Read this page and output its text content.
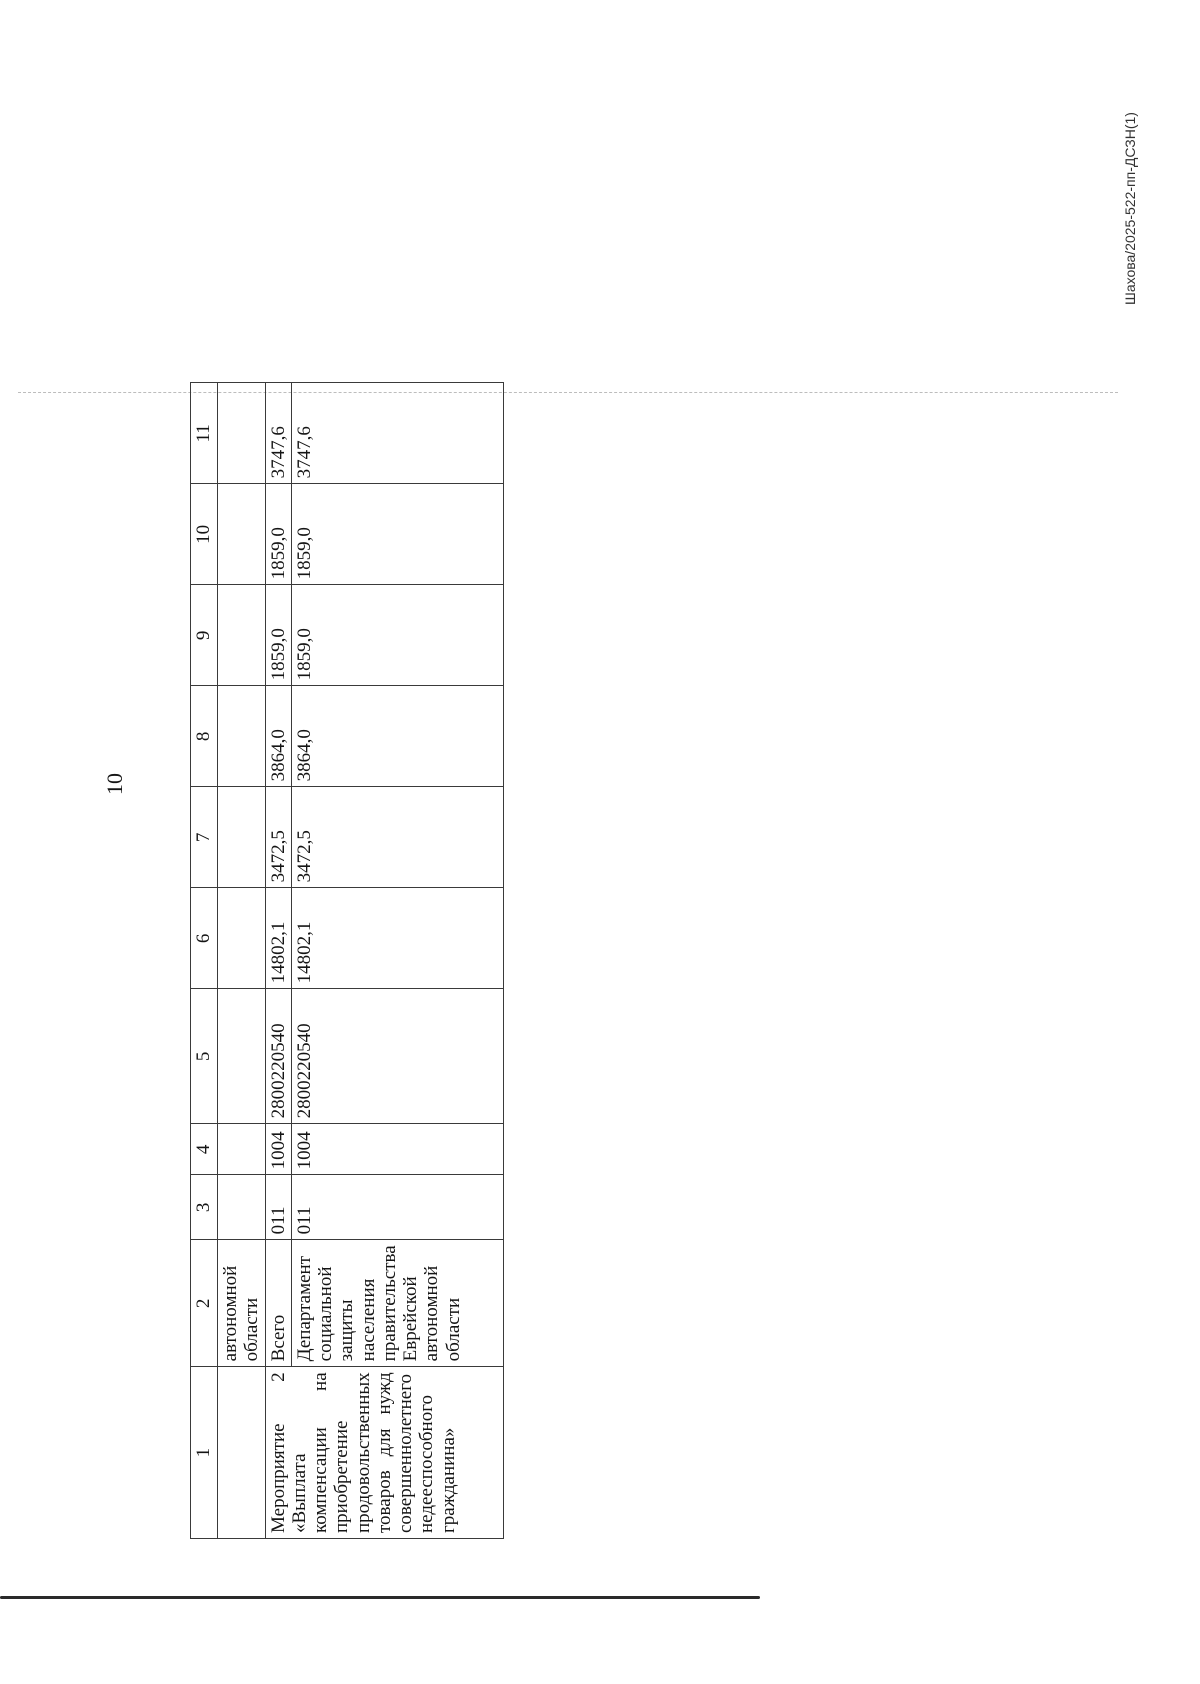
10
1	2	3	4	5	6	7	8	9	10	11
	автономной области									
Мероприятие 2 «Выплата компенсации на приобретение продовольственных товаров для нужд совершеннолетнего недееспособного гражданина»	Всего	011	1004	2800220540	14802,1	3472,5	3864,0	1859,0	1859,0	3747,6
	Департамент социальной защиты населения правительства Еврейской автономной области	011	1004	2800220540	14802,1	3472,5	3864,0	1859,0	1859,0	3747,6
Шахова/2025-522-пп-ДСЗН(1)
